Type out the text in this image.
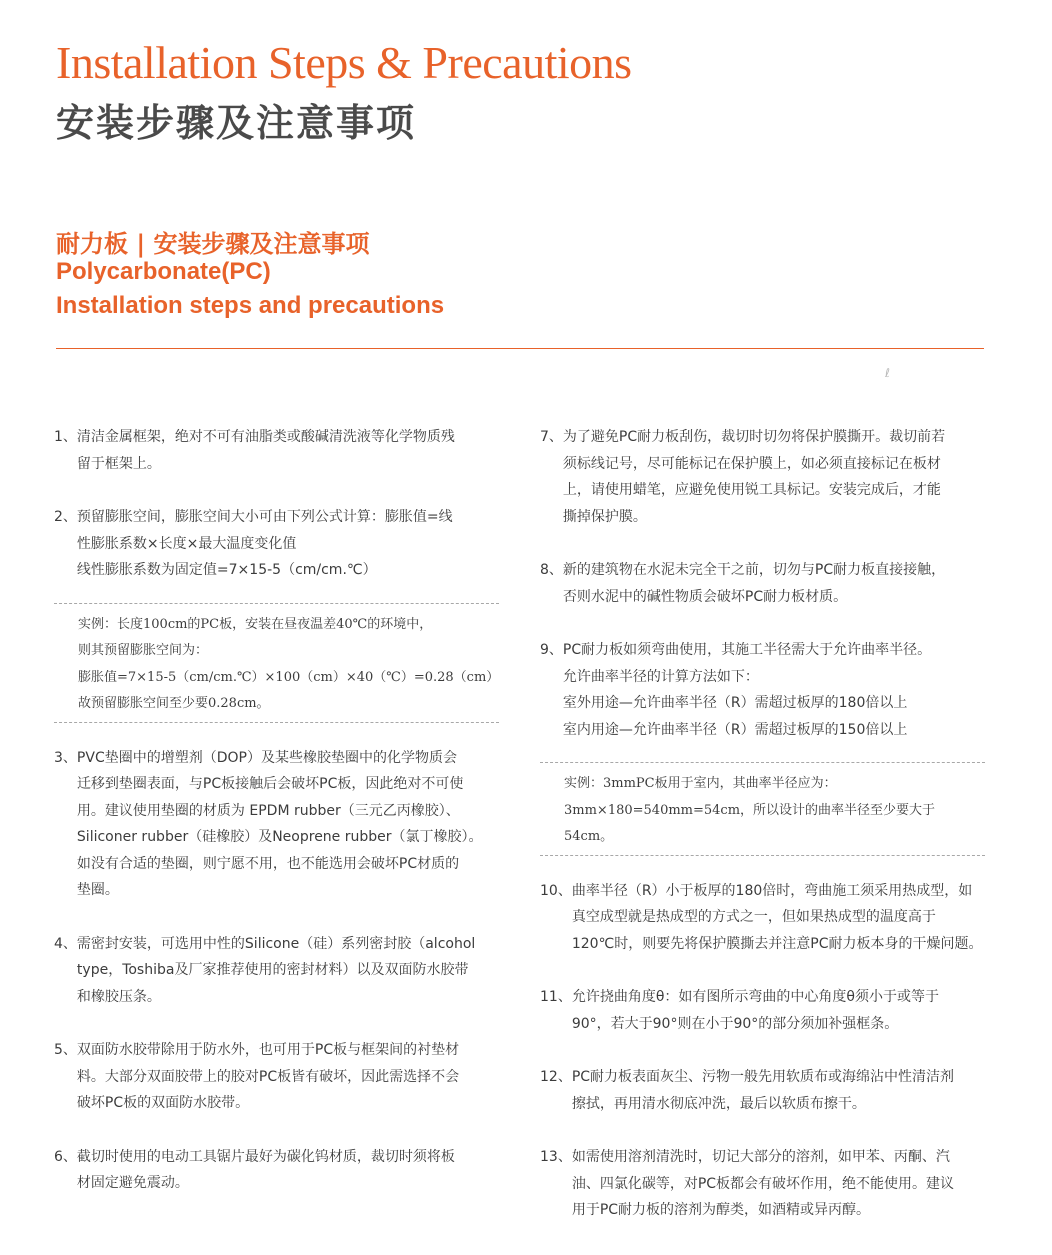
Installation Steps & Precautions
安装步骤及注意事项
耐力板 | 安装步骤及注意事项
Polycarbonate(PC)
Installation steps and precautions
ℓ
1、 清洁金属框架，绝对不可有油脂类或酸碱清洗液等化学物质残
留于框架上。
2、 预留膨胀空间，膨胀空间大小可由下列公式计算：膨胀值=线
性膨胀系数×长度×最大温度变化值
线性膨胀系数为固定值=7×15-5（cm/cm.℃）
实例：长度100cm的PC板，安装在昼夜温差40℃的环境中，
则其预留膨胀空间为：
膨胀值=7×15-5（cm/cm.℃）×100（cm）×40（℃）=0.28（cm）
故预留膨胀空间至少要0.28cm。
3、 PVC垫圈中的增塑剂（DOP）及某些橡胶垫圈中的化学物质会
迁移到垫圈表面，与PC板接触后会破坏PC板，因此绝对不可使
用。建议使用垫圈的材质为 EPDM rubber（三元乙丙橡胶）、
Siliconer rubber（硅橡胶）及Neoprene rubber（氯丁橡胶）。
如没有合适的垫圈，则宁愿不用，也不能选用会破坏PC材质的
垫圈。
4、 需密封安装，可选用中性的Silicone（硅）系列密封胶（alcohol
type，Toshiba及厂家推荐使用的密封材料）以及双面防水胶带
和橡胶压条。
5、 双面防水胶带除用于防水外，也可用于PC板与框架间的衬垫材
料。大部分双面胶带上的胶对PC板皆有破坏，因此需选择不会
破坏PC板的双面防水胶带。
6、 截切时使用的电动工具锯片最好为碳化钨材质，裁切时须将板
材固定避免震动。
7、 为了避免PC耐力板刮伤，裁切时切勿将保护膜撕开。裁切前若
须标线记号，尽可能标记在保护膜上，如必须直接标记在板材
上，请使用蜡笔，应避免使用锐工具标记。安装完成后，才能
撕掉保护膜。
8、 新的建筑物在水泥未完全干之前，切勿与PC耐力板直接接触，
否则水泥中的碱性物质会破坏PC耐力板材质。
9、 PC耐力板如须弯曲使用，其施工半径需大于允许曲率半径。
允许曲率半径的计算方法如下：
室外用途—允许曲率半径（R）需超过板厚的180倍以上
室内用途—允许曲率半径（R）需超过板厚的150倍以上
实例：3mmPC板用于室内，其曲率半径应为：
3mm×180=540mm=54cm，所以设计的曲率半径至少要大于
54cm。
10、 曲率半径（R）小于板厚的180倍时，弯曲施工须采用热成型，如
真空成型就是热成型的方式之一，但如果热成型的温度高于
120℃时，则要先将保护膜撕去并注意PC耐力板本身的干燥问题。
11、 允许挠曲角度θ：如有图所示弯曲的中心角度θ须小于或等于
90°，若大于90°则在小于90°的部分须加补强框条。
12、 PC耐力板表面灰尘、污物一般先用软质布或海绵沾中性清洁剂
擦拭，再用清水彻底冲洗，最后以软质布擦干。
13、 如需使用溶剂清洗时，切记大部分的溶剂，如甲苯、丙酮、汽
油、四氯化碳等，对PC板都会有破坏作用，绝不能使用。建议
用于PC耐力板的溶剂为醇类，如酒精或异丙醇。
